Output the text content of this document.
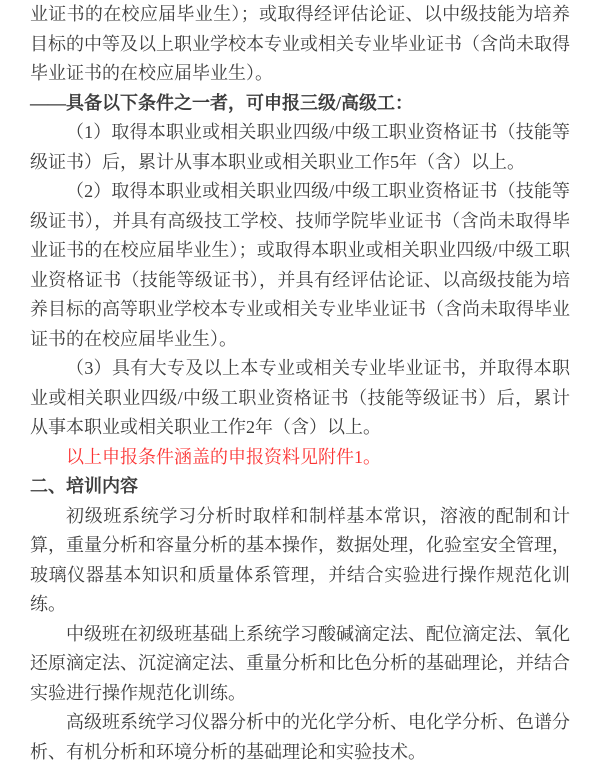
业证书的在校应届毕业生）；或取得经评估论证、以中级技能为培养目标的中等及以上职业学校本专业或相关专业毕业证书（含尚未取得毕业证书的在校应届毕业生）。

——具备以下条件之一者，可申报三级/高级工：

（1）取得本职业或相关职业四级/中级工职业资格证书（技能等级证书）后，累计从事本职业或相关职业工作5年（含）以上。

（2）取得本职业或相关职业四级/中级工职业资格证书（技能等级证书），并具有高级技工学校、技师学院毕业证书（含尚未取得毕业证书的在校应届毕业生）；或取得本职业或相关职业四级/中级工职业资格证书（技能等级证书），并具有经评估论证、以高级技能为培养目标的高等职业学校本专业或相关专业毕业证书（含尚未取得毕业证书的在校应届毕业生）。

（3）具有大专及以上本专业或相关专业毕业证书，并取得本职业或相关职业四级/中级工职业资格证书（技能等级证书）后，累计从事本职业或相关职业工作2年（含）以上。

以上申报条件涵盖的申报资料见附件1。

二、培训内容

初级班系统学习分析时取样和制样基本常识，溶液的配制和计算，重量分析和容量分析的基本操作，数据处理，化验室安全管理，玻璃仪器基本知识和质量体系管理，并结合实验进行操作规范化训练。

中级班在初级班基础上系统学习酸碱滴定法、配位滴定法、氧化还原滴定法、沉淀滴定法、重量分析和比色分析的基础理论，并结合实验进行操作规范化训练。

高级班系统学习仪器分析中的光化学分析、电化学分析、色谱分析、有机分析和环境分析的基础理论和实验技术。
